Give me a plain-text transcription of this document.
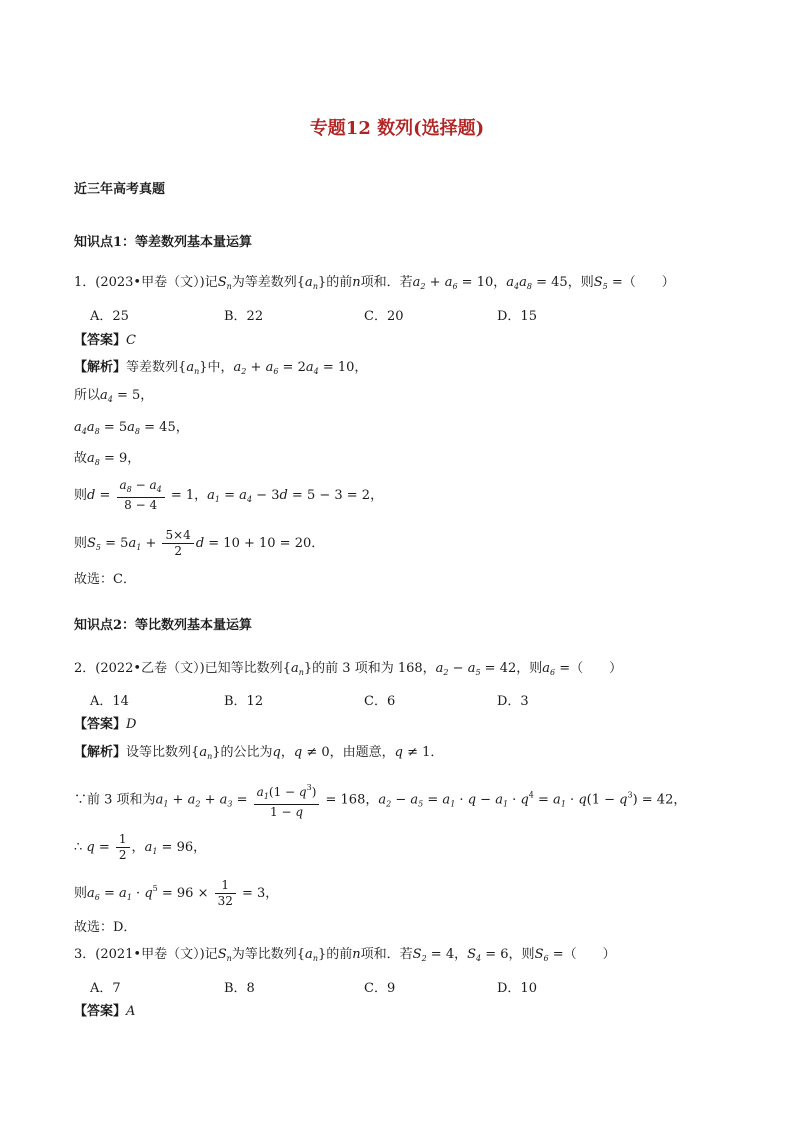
专题12 数列(选择题)
近三年高考真题
知识点1：等差数列基本量运算
1．(2023•甲卷（文）)记$S_n$为等差数列$\{a_n\}$的前n项和．若$a_2 + a_6 = 10$，$a_4a_8 = 45$，则$S_5$ =（　　）
A．25	B．22	C．20	D．15
【答案】C
【解析】等差数列$\{a_n\}$中，$a_2 + a_6 = 2a_4 = 10$，
所以$a_4 = 5$，
$a_4a_8 = 5a_8 = 45$，
故$a_8 = 9$，
则$d = \frac{a_8 - a_4}{8 - 4} = 1$，$a_1 = a_4 - 3d = 5 - 3 = 2$，
则$S_5 = 5a_1 + \frac{5\times 4}{2}$ d = 10 + 10 = 20．
故选：C．
知识点2：等比数列基本量运算
2．(2022•乙卷（文）)已知等比数列$\{a_n\}$的前 3 项和为 168，$a_2 - a_5 = 42$，则$a_6$ =（　　）
A．14	B．12	C．6	D．3
【答案】D
【解析】设等比数列$\{a_n\}$的公比为q，q ≠ 0，由题意，q ≠ 1．
∵前 3 项和为$a_1 + a_2 + a_3 = \frac{a_1(1 - q^3)}{1 - q} = 168$，$a_2 - a_5 = a_1 \cdot q - a_1 \cdot q^4 = a_1 \cdot q(1 - q^3) = 42$，
∴ $q = \frac{1}{2}$ ，$a_1 = 96$，
则$a_6 = a_1 \cdot q^5 = 96 \times \frac{1}{32} = 3$，
故选：D．
3．(2021•甲卷（文）)记$S_n$为等比数列$\{a_n\}$的前n项和．若$S_2 = 4$，$S_4 = 6$，则$S_6$ =（　　）
A．7	B．8	C．9	D．10
【答案】A
